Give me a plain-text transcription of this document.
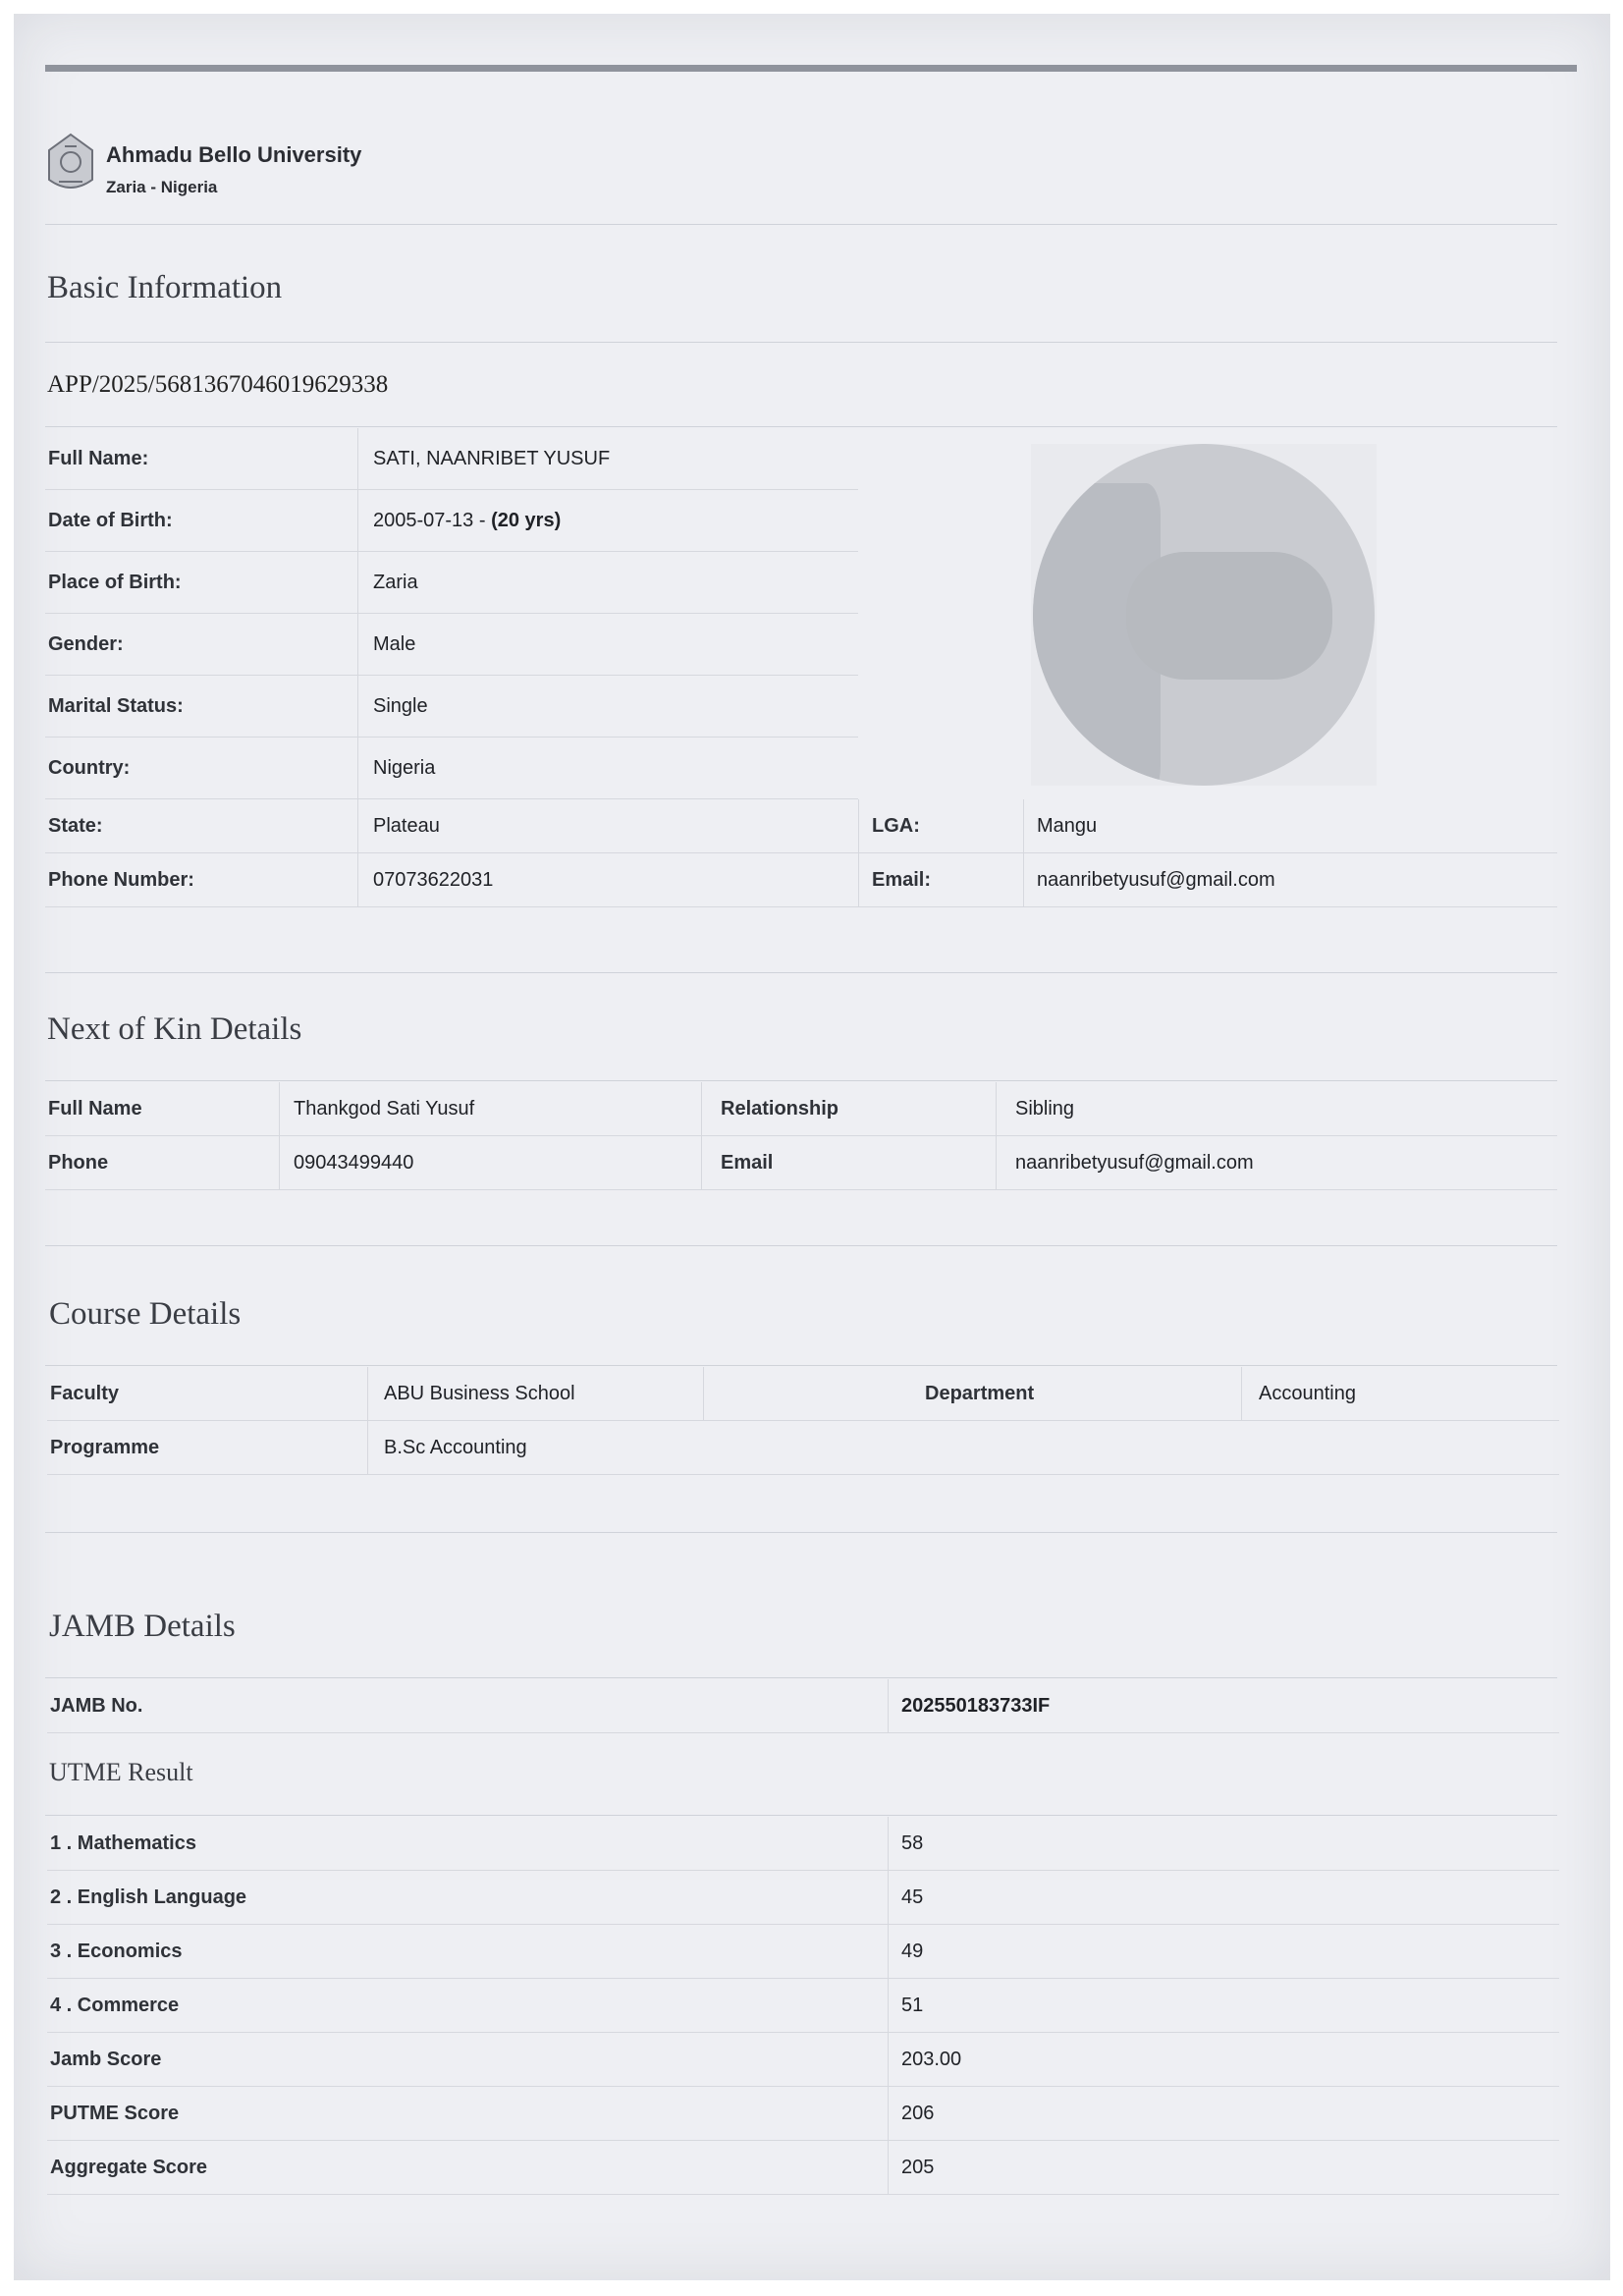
Ahmadu Bello University
Zaria - Nigeria
Basic Information
APP/2025/5681367046019629338
Full Name:	SATI, NAANRIBET YUSUF
Date of Birth:	2005-07-13 - (20 yrs)
Place of Birth:	Zaria
Gender:	Male
Marital Status:	Single
Country:	Nigeria
State:	Plateau	LGA:	Mangu
Phone Number:	07073622031	Email:	naanribetyusuf@gmail.com
Next of Kin Details
Full Name	Thankgod Sati Yusuf	Relationship	Sibling
Phone	09043499440	Email	naanribetyusuf@gmail.com
Course Details
Faculty	ABU Business School	Department	Accounting
Programme	B.Sc Accounting
JAMB Details
JAMB No.	202550183733IF
UTME Result
1 . Mathematics	58
2 . English Language	45
3 . Economics	49
4 . Commerce	51
Jamb Score	203.00
PUTME Score	206
Aggregate Score	205
